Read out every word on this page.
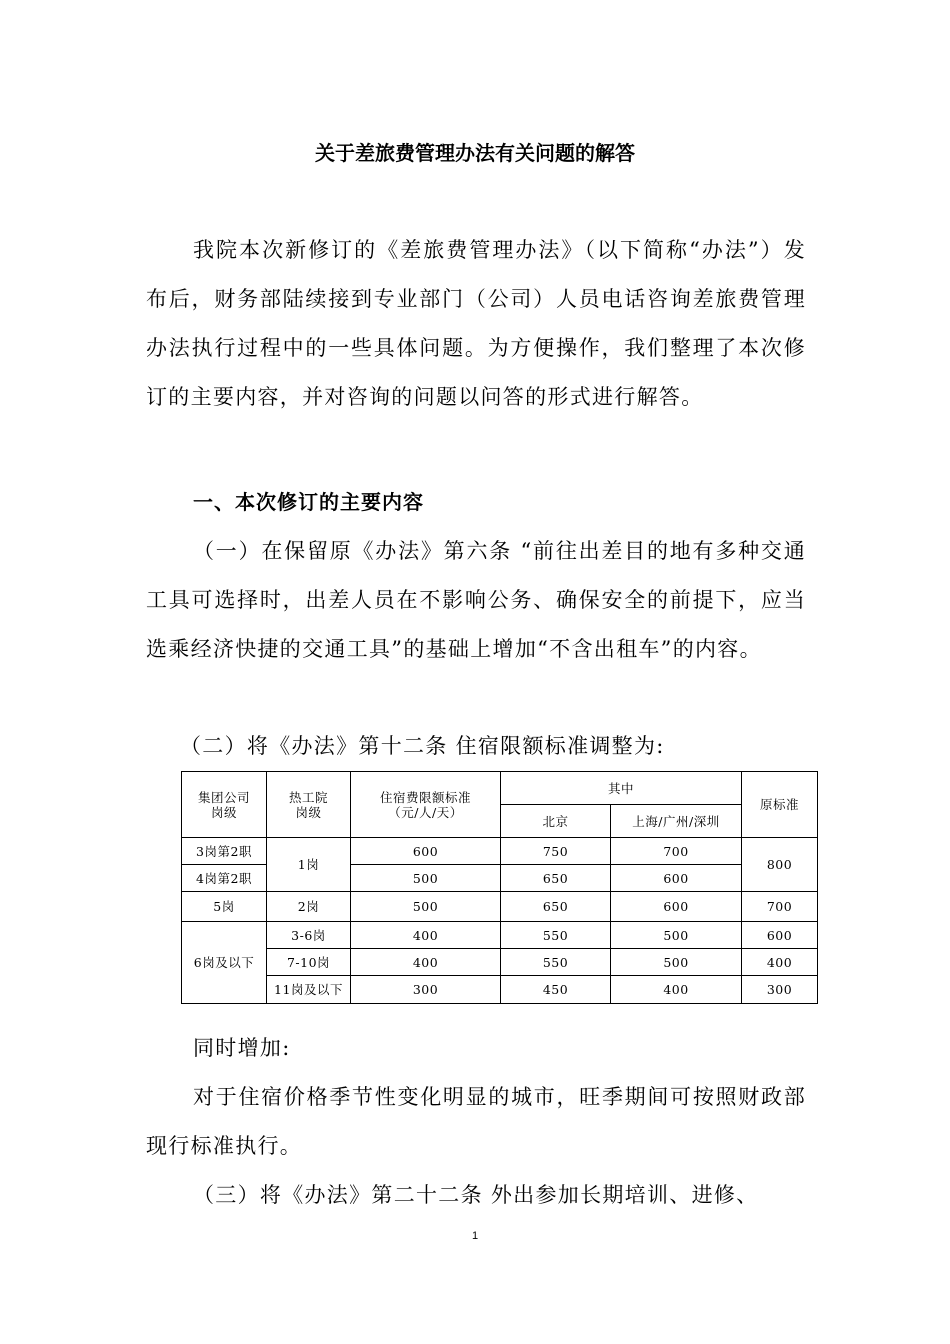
关于差旅费管理办法有关问题的解答

我院本次新修订的《差旅费管理办法》（以下简称“办法”）发布后，财务部陆续接到专业部门（公司）人员电话咨询差旅费管理办法执行过程中的一些具体问题。为方便操作，我们整理了本次修订的主要内容，并对咨询的问题以问答的形式进行解答。

一、本次修订的主要内容

（一）在保留原《办法》第六条 “前往出差目的地有多种交通工具可选择时，出差人员在不影响公务、确保安全的前提下，应当选乘经济快捷的交通工具”的基础上增加“不含出租车”的内容。

（二）将《办法》第十二条 住宿限额标准调整为:
集团公司岗级	热工院岗级	住宿费限额标准（元/人/天）	其中		原标准
			北京	上海/广州/深圳	
3岗第2职	1岗	600	750	700	800
4岗第2职		500	650	600	
5岗	2岗	500	650	600	700
6岗及以下	3-6岗	400	550	500	600
	7-10岗	400	550	500	400
	11岗及以下	300	450	400	300
同时增加:

对于住宿价格季节性变化明显的城市，旺季期间可按照财政部现行标准执行。

（三）将《办法》第二十二条 外出参加长期培训、进修、
1
